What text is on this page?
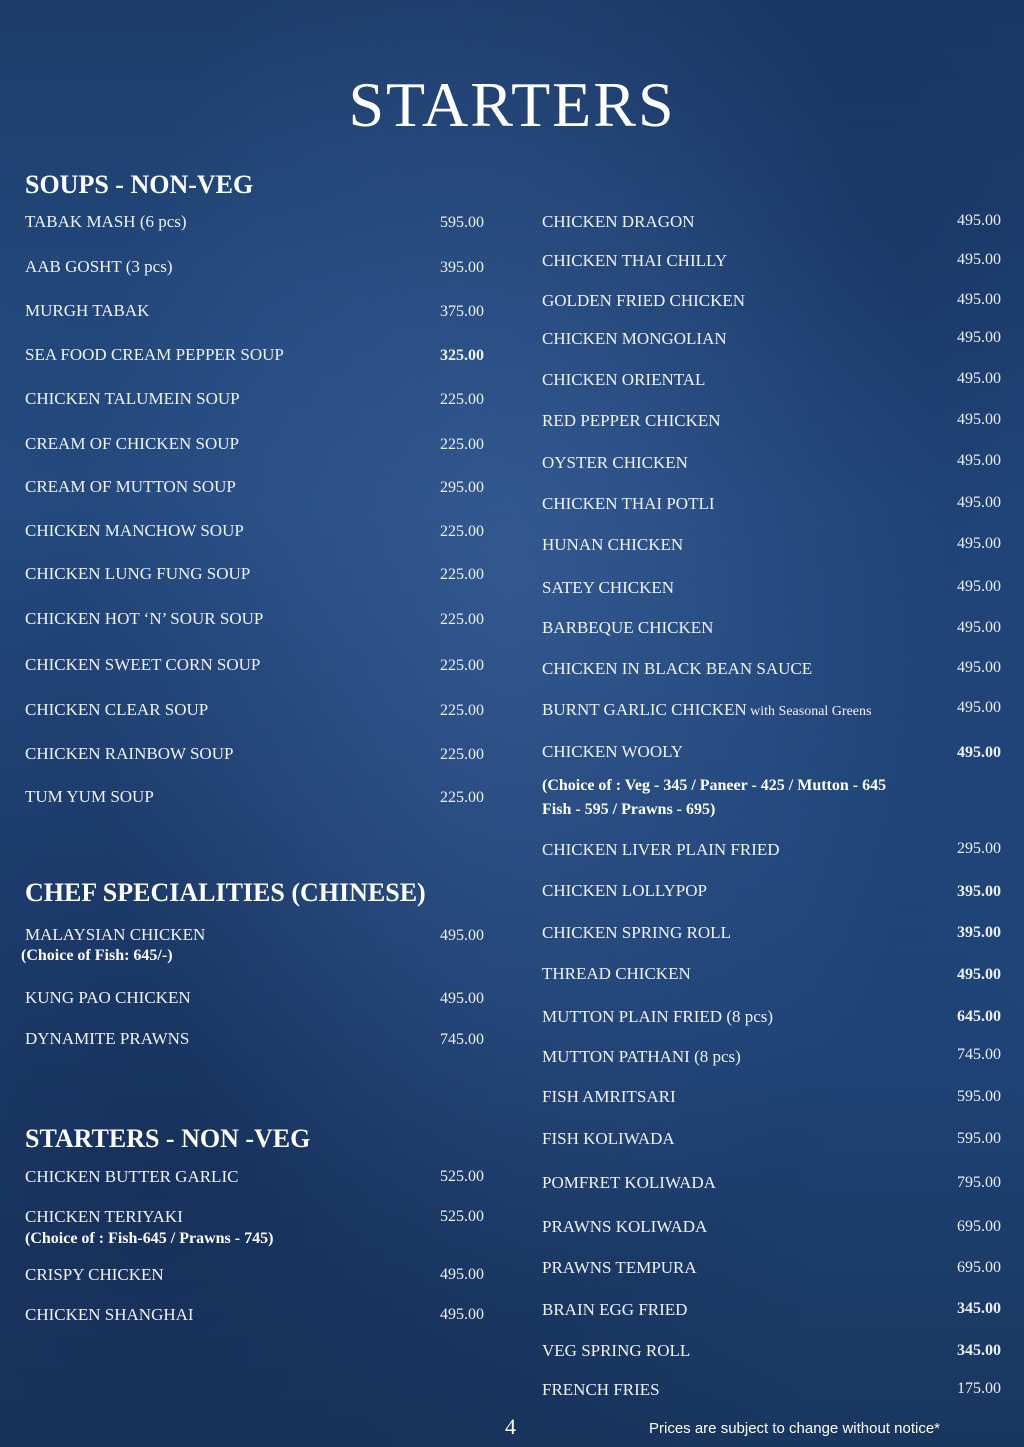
STARTERS
SOUPS - NON-VEG
TABAK MASH (6 pcs)	595.00
AAB GOSHT (3 pcs)	395.00
MURGH TABAK	375.00
SEA FOOD CREAM PEPPER SOUP	325.00
CHICKEN TALUMEIN SOUP	225.00
CREAM OF CHICKEN SOUP	225.00
CREAM OF MUTTON SOUP	295.00
CHICKEN MANCHOW SOUP	225.00
CHICKEN LUNG FUNG SOUP	225.00
CHICKEN HOT ‘N’ SOUR SOUP	225.00
CHICKEN SWEET CORN SOUP	225.00
CHICKEN CLEAR SOUP	225.00
CHICKEN RAINBOW SOUP	225.00
TUM YUM SOUP	225.00
CHEF SPECIALITIES (CHINESE)
MALAYSIAN CHICKEN	495.00
(Choice of Fish: 645/-)
KUNG PAO CHICKEN	495.00
DYNAMITE PRAWNS	745.00
STARTERS - NON -VEG
CHICKEN BUTTER GARLIC	525.00
CHICKEN TERIYAKI	525.00
(Choice of : Fish-645 / Prawns - 745)
CRISPY CHICKEN	495.00
CHICKEN SHANGHAI	495.00
CHICKEN DRAGON	495.00
CHICKEN THAI CHILLY	495.00
GOLDEN FRIED CHICKEN	495.00
CHICKEN MONGOLIAN	495.00
CHICKEN ORIENTAL	495.00
RED PEPPER CHICKEN	495.00
OYSTER CHICKEN	495.00
CHICKEN THAI POTLI	495.00
HUNAN CHICKEN	495.00
SATEY CHICKEN	495.00
BARBEQUE CHICKEN	495.00
CHICKEN IN BLACK BEAN SAUCE	495.00
BURNT GARLIC CHICKEN with Seasonal Greens	495.00
CHICKEN WOOLY	495.00
(Choice of : Veg - 345 / Paneer - 425 / Mutton - 645
Fish - 595 / Prawns - 695)
CHICKEN LIVER PLAIN FRIED	295.00
CHICKEN LOLLYPOP	395.00
CHICKEN SPRING ROLL	395.00
THREAD CHICKEN	495.00
MUTTON PLAIN FRIED (8 pcs)	645.00
MUTTON PATHANI (8 pcs)	745.00
FISH AMRITSARI	595.00
FISH KOLIWADA	595.00
POMFRET KOLIWADA	795.00
PRAWNS KOLIWADA	695.00
PRAWNS TEMPURA	695.00
BRAIN EGG FRIED	345.00
VEG SPRING ROLL	345.00
FRENCH FRIES	175.00
4	Prices are subject to change without notice*
